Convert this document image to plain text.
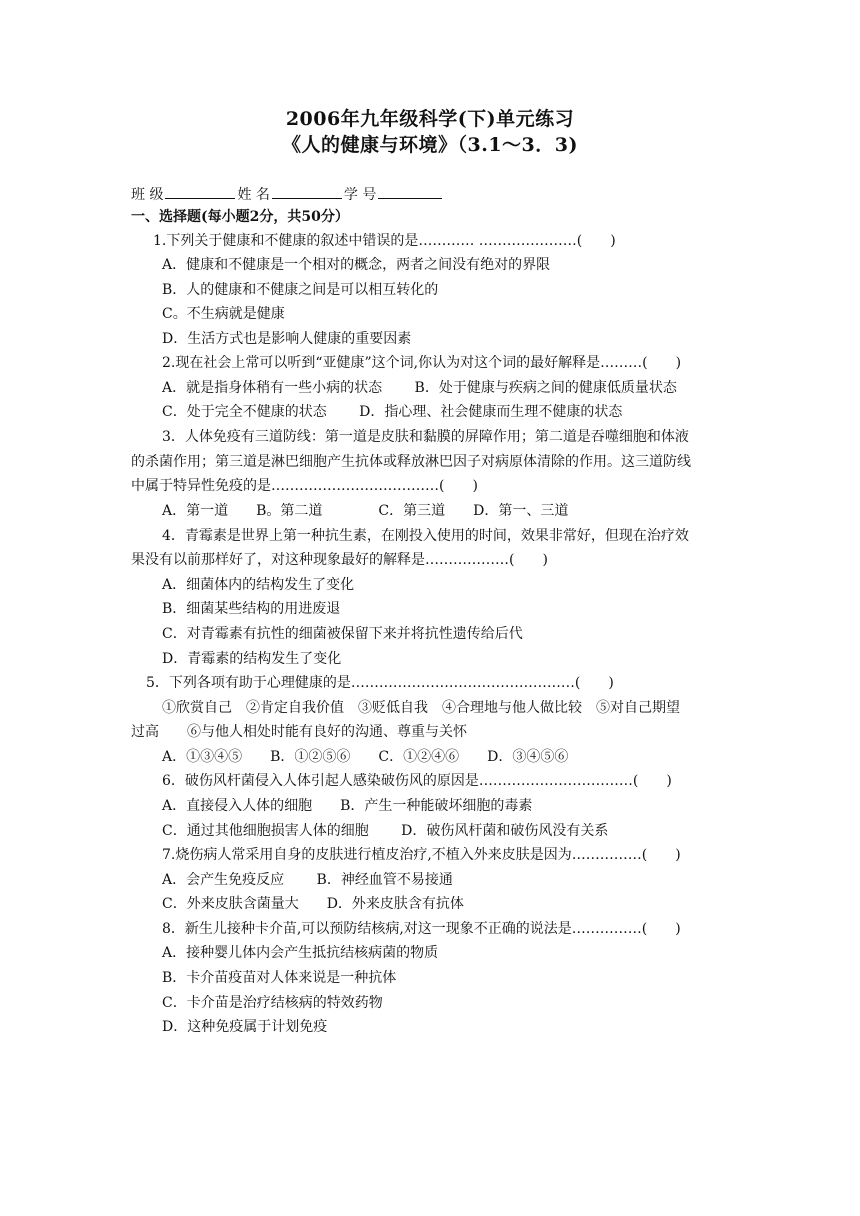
2006年九年级科学(下)单元练习
《人的健康与环境》（3.1～3．3)
班 级	姓 名	学 号
一、选择题(每小题2分，共50分）
1.下列关于健康和不健康的叙述中错误的是………… …………………(　　)
A．健康和不健康是一个相对的概念，两者之间没有绝对的界限
B．人的健康和不健康之间是可以相互转化的
C。不生病就是健康
D．生活方式也是影响人健康的重要因素
2.现在社会上常可以听到“亚健康”这个词,你认为对这个词的最好解释是………(　　)
A．就是指身体稍有一些小病的状态　　 B．处于健康与疾病之间的健康低质量状态
C．处于完全不健康的状态　　 D．指心理、社会健康而生理不健康的状态
3．人体免疫有三道防线：第一道是皮肤和黏膜的屏障作用；第二道是吞噬细胞和体液
的杀菌作用；第三道是淋巴细胞产生抗体或释放淋巴因子对病原体清除的作用。这三道防线
中属于特异性免疫的是………………………………(　　)
A．第一道　　B。第二道　　　　C．第三道　　D．第一、三道
4．青霉素是世界上第一种抗生素，在刚投入使用的时间，效果非常好，但现在治疗效
果没有以前那样好了，对这种现象最好的解释是………………(　　)
A．细菌体内的结构发生了变化
B．细菌某些结构的用进废退
C．对青霉素有抗性的细菌被保留下来并将抗性遗传给后代
D．青霉素的结构发生了变化
5．下列各项有助于心理健康的是…………………………………………(　　)
①欣赏自己　②肯定自我价值　③贬低自我　④合理地与他人做比较　⑤对自己期望
过高　　⑥与他人相处时能有良好的沟通、尊重与关怀
A．①③④⑤　　B．①②⑤⑥　　C．①②④⑥　　D．③④⑤⑥
6．破伤风杆菌侵入人体引起人感染破伤风的原因是……………………………(　　)
A．直接侵入人体的细胞　　B．产生一种能破坏细胞的毒素
C．通过其他细胞损害人体的细胞　　 D．破伤风杆菌和破伤风没有关系
7.烧伤病人常采用自身的皮肤进行植皮治疗,不植入外来皮肤是因为……………(　　)
A．会产生免疫反应　　 B．神经血管不易接通
C．外来皮肤含菌量大　　D．外来皮肤含有抗体
8．新生儿接种卡介苗,可以预防结核病,对这一现象不正确的说法是……………(　　)
A．接种婴儿体内会产生抵抗结核病菌的物质
B．卡介苗疫苗对人体来说是一种抗体
C．卡介苗是治疗结核病的特效药物
D．这种免疫属于计划免疫
